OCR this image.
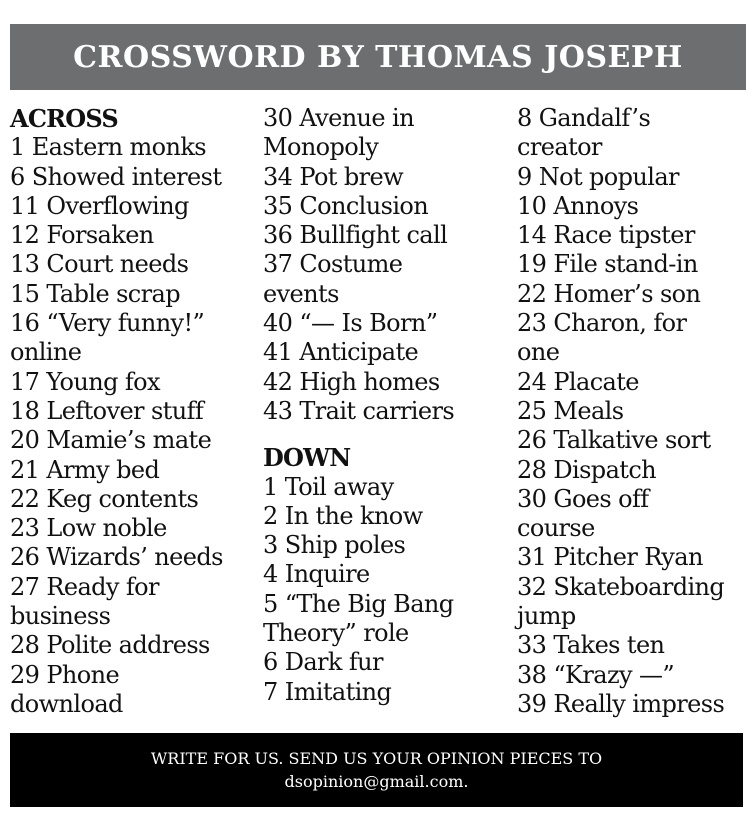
CROSSWORD BY THOMAS JOSEPH
ACROSS
1 Eastern monks
6 Showed interest
11 Overflowing
12 Forsaken
13 Court needs
15 Table scrap
16 “Very funny!”
online
17 Young fox
18 Leftover stuff
20 Mamie’s mate
21 Army bed
22 Keg contents
23 Low noble
26 Wizards’ needs
27 Ready for
business
28 Polite address
29 Phone
download
30 Avenue in
Monopoly
34 Pot brew
35 Conclusion
36 Bullfight call
37 Costume
events
40 “— Is Born”
41 Anticipate
42 High homes
43 Trait carriers
DOWN
1 Toil away
2 In the know
3 Ship poles
4 Inquire
5 “The Big Bang
Theory” role
6 Dark fur
7 Imitating
8 Gandalf’s
creator
9 Not popular
10 Annoys
14 Race tipster
19 File stand-in
22 Homer’s son
23 Charon, for
one
24 Placate
25 Meals
26 Talkative sort
28 Dispatch
30 Goes off
course
31 Pitcher Ryan
32 Skateboarding
jump
33 Takes ten
38 “Krazy —”
39 Really impress
WRITE FOR US. SEND US YOUR OPINION PIECES TO
dsopinion@gmail.com.
